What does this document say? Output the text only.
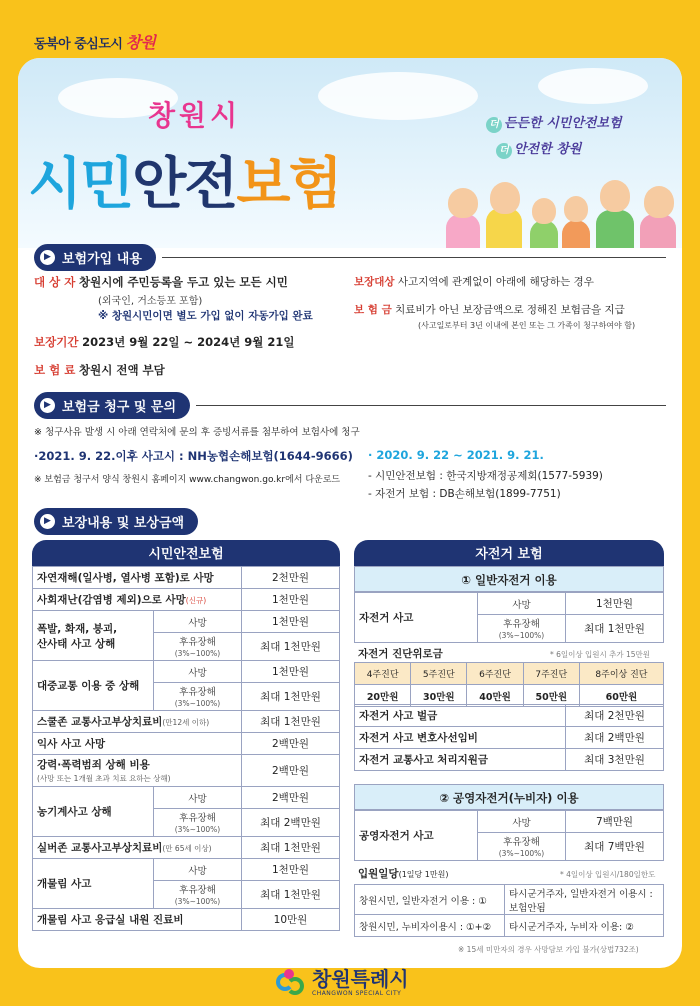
동북아 중심도시 창원
창원시
시민안전보험
더 든든한 시민안전보험
더 안전한 창원
▶ 보험가입 내용
대 상 자 창원시에 주민등록을 두고 있는 모든 시민
(외국인, 거소등포 포함)
※ 창원시민이면 별도 가입 없이 자동가입 완료
보장기간 2023년 9월 22일 ~ 2024년 9월 21일
보 험 료 창원시 전액 부담
보장대상 사고지역에 관계없이 아래에 해당하는 경우
보 험 금 치료비가 아닌 보장금액으로 정해진 보험금을 지급
(사고일로부터 3년 이내에 본인 또는 그 가족이 청구하여야 함)
▶ 보험금 청구 및 문의
※ 청구사유 발생 시 아래 연락처에 문의 후 증빙서류를 첨부하여 보험사에 청구
·2021. 9. 22.이후 사고시 : NH농협손해보험(1644-9666)
※ 보험금 청구서 양식 창원시 홈페이지 www.changwon.go.kr에서 다운로드
· 2020. 9. 22 ~ 2021. 9. 21.
- 시민안전보험 : 한국지방재정공제회(1577-5939)
- 자전거 보험 : DB손해보험(1899-7751)
▶ 보장내용 및 보상금액
시민안전보험
자연재해(일사병, 열사병 포함)로 사망		2천만원
사회재난(감염병 제외)으로 사망(신규)		1천만원
폭발, 화재, 붕괴,
산사태 사고 상해	사망	1천만원
	후유장해
(3%~100%)	최대 1천만원
대중교통 이용 중 상해	사망	1천만원
	후유장해
(3%~100%)	최대 1천만원
스쿨존 교통사고부상치료비(만12세 이하)		최대 1천만원
익사 사고 사망		2백만원
강력·폭력범죄 상해 비용
(사망 또는 1개월 초과 치료 요하는 상해)		2백만원
농기계사고 상해	사망	2백만원
	후유장해
(3%~100%)	최대 2백만원
실버존 교통사고부상치료비(만 65세 이상)		최대 1천만원
개물림 사고	사망	1천만원
	후유장해
(3%~100%)	최대 1천만원
개물림 사고 응급실 내원 진료비		10만원
자전거 보험
① 일반자전거 이용
자전거 사고	사망	1천만원
	후유장해
(3%~100%)	최대 1천만원
자전거 진단위로금	* 6일이상 입원시 추가 15만원
4주진단	5주진단	6주진단	7주진단	8주이상 진단
20만원	30만원	40만원	50만원	60만원
자전거 사고 벌금	최대 2천만원
자전거 사고 변호사선임비	최대 2백만원
자전거 교통사고 처리지원금	최대 3천만원
② 공영자전거(누비자) 이용
공영자전거 사고	사망	7백만원
	후유장해
(3%~100%)	최대 7백만원
입원일당(1일당 1만원)	* 4일이상 입원시/180일한도
창원시민, 일반자전거 이용 : ①	타시군거주자, 일반자전거 이용시 : 보험안됨
창원시민, 누비자이용시 : ①+②	타시군거주자, 누비자 이용: ②
※ 15세 미만자의 경우 사망담보 가입 불가(상법732조)
창원특례시
CHANGWON SPECIAL CITY
